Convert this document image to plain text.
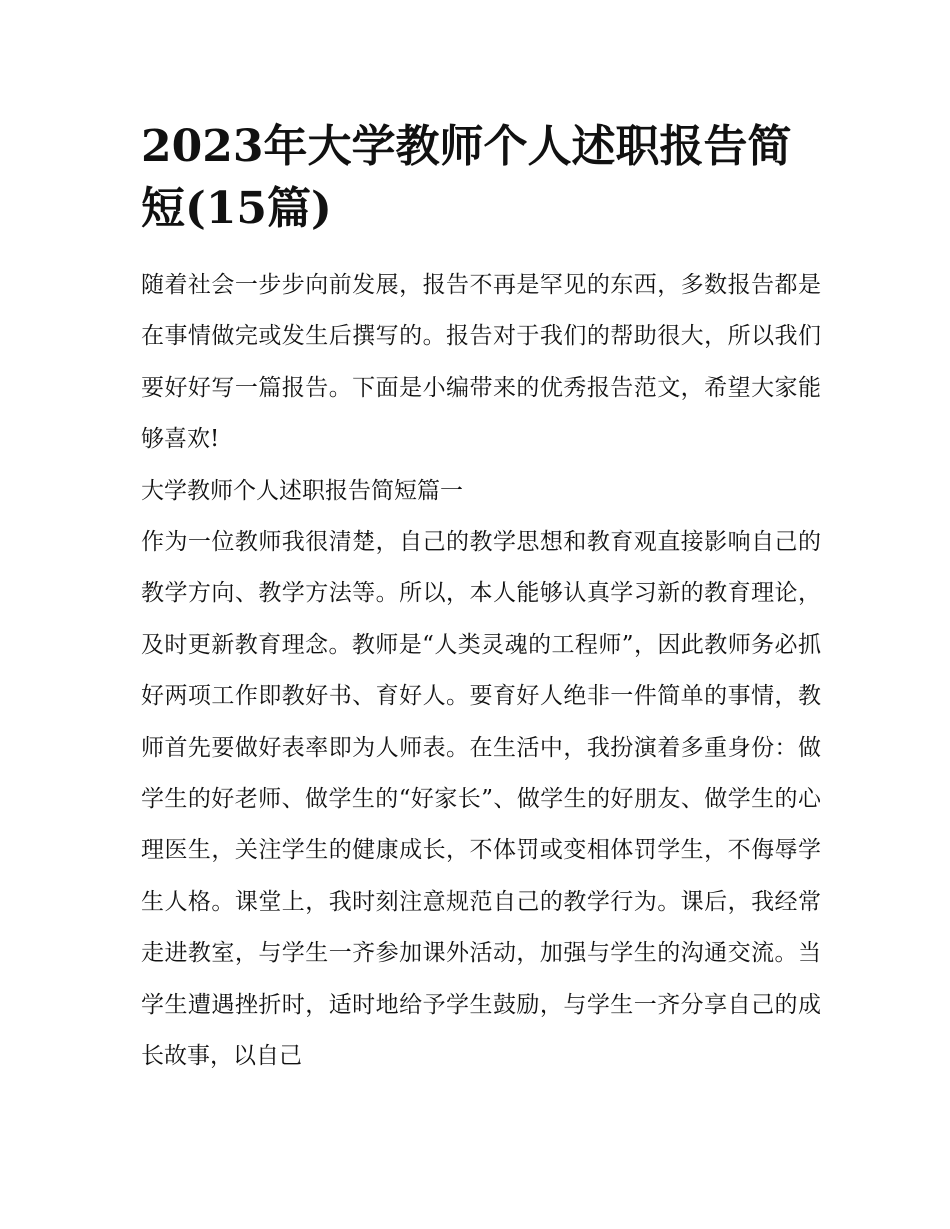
2023年大学教师个人述职报告简短(15篇)

随着社会一步步向前发展，报告不再是罕见的东西，多数报告都是在事情做完或发生后撰写的。报告对于我们的帮助很大，所以我们要好好写一篇报告。下面是小编带来的优秀报告范文，希望大家能够喜欢!

大学教师个人述职报告简短篇一

作为一位教师我很清楚，自己的教学思想和教育观直接影响自己的教学方向、教学方法等。所以，本人能够认真学习新的教育理论，及时更新教育理念。教师是“人类灵魂的工程师”，因此教师务必抓好两项工作即教好书、育好人。要育好人绝非一件简单的事情，教师首先要做好表率即为人师表。在生活中，我扮演着多重身份：做学生的好老师、做学生的“好家长”、做学生的好朋友、做学生的心理医生，关注学生的健康成长，不体罚或变相体罚学生，不侮辱学生人格。课堂上，我时刻注意规范自己的教学行为。课后，我经常走进教室，与学生一齐参加课外活动，加强与学生的沟通交流。当学生遭遇挫折时，适时地给予学生鼓励，与学生一齐分享自己的成长故事，以自己
